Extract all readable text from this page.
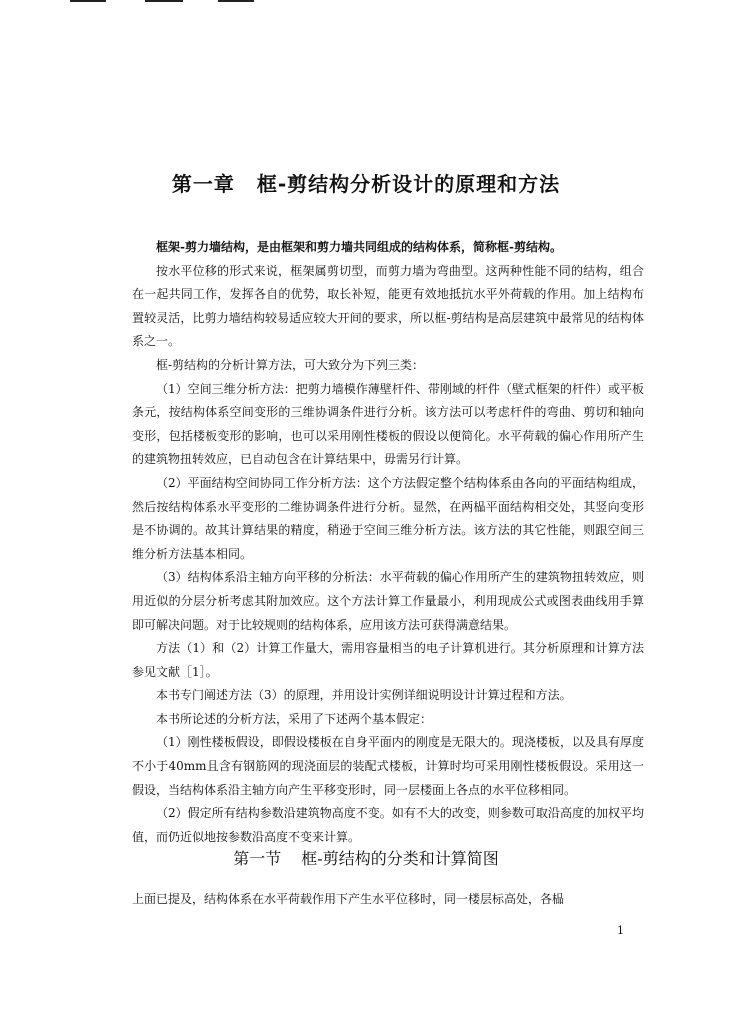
第一章 框-剪结构分析设计的原理和方法

框架-剪力墙结构，是由框架和剪力墙共同组成的结构体系，简称框-剪结构。

按水平位移的形式来说，框架属剪切型，而剪力墙为弯曲型。这两种性能不同的结构，组合在一起共同工作，发挥各自的优势，取长补短，能更有效地抵抗水平外荷载的作用。加上结构布置较灵活，比剪力墙结构较易适应较大开间的要求，所以框-剪结构是高层建筑中最常见的结构体系之一。

框-剪结构的分析计算方法，可大致分为下列三类：

（1）空间三维分析方法：把剪力墙模作薄壁杆件、带刚域的杆件（壁式框架的杆件）或平板条元，按结构体系空间变形的三维协调条件进行分析。该方法可以考虑杆件的弯曲、剪切和轴向变形，包括楼板变形的影响，也可以采用刚性楼板的假设以便简化。水平荷载的偏心作用所产生的建筑物扭转效应，已自动包含在计算结果中，毋需另行计算。

（2）平面结构空间协同工作分析方法：这个方法假定整个结构体系由各向的平面结构组成，然后按结构体系水平变形的二维协调条件进行分析。显然，在两榀平面结构相交处，其竖向变形是不协调的。故其计算结果的精度，稍逊于空间三维分析方法。该方法的其它性能，则跟空间三维分析方法基本相同。

（3）结构体系沿主轴方向平移的分析法：水平荷载的偏心作用所产生的建筑物扭转效应，则用近似的分层分析考虑其附加效应。这个方法计算工作量最小，利用现成公式或图表曲线用手算即可解决问题。对于比较规则的结构体系，应用该方法可获得满意结果。

方法（1）和（2）计算工作量大，需用容量相当的电子计算机进行。其分析原理和计算方法参见文献［1］。

本书专门阐述方法（3）的原理，并用设计实例详细说明设计计算过程和方法。

本书所论述的分析方法，采用了下述两个基本假定：

（1）刚性楼板假设，即假设楼板在自身平面内的刚度是无限大的。现浇楼板，以及具有厚度不小于40mm且含有钢筋网的现浇面层的装配式楼板，计算时均可采用刚性楼板假设。采用这一假设，当结构体系沿主轴方向产生平移变形时，同一层楼面上各点的水平位移相同。

（2）假定所有结构参数沿建筑物高度不变。如有不大的改变，则参数可取沿高度的加权平均值，而仍近似地按参数沿高度不变来计算。

第一节 框-剪结构的分类和计算简图
上面已提及，结构体系在水平荷载作用下产生水平位移时，同一楼层标高处，各榀
1
